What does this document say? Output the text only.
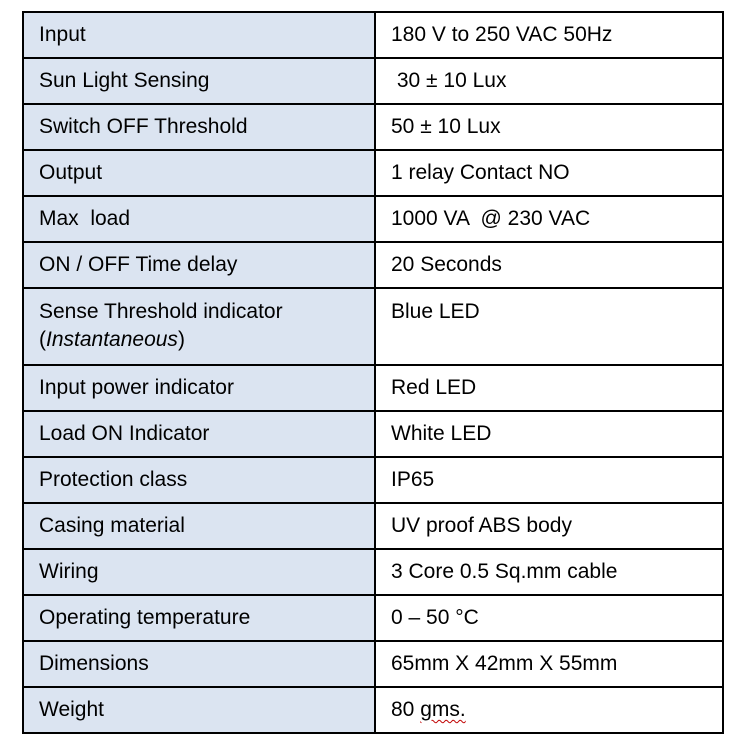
Input	180 V to 250 VAC 50Hz
Sun Light Sensing	30 ± 10 Lux
Switch OFF Threshold	50 ± 10 Lux
Output	1 relay Contact NO
Max  load	1000 VA  @ 230 VAC
ON / OFF Time delay	20 Seconds

Sense Threshold indicator
(Instantaneous)	Blue LED
Input power indicator	Red LED
Load ON Indicator	White LED
Protection class	IP65
Casing material	UV proof ABS body
Wiring	3 Core 0.5 Sq.mm cable
Operating temperature	0 – 50 °C
Dimensions	65mm X 42mm X 55mm
Weight	80 gms.
